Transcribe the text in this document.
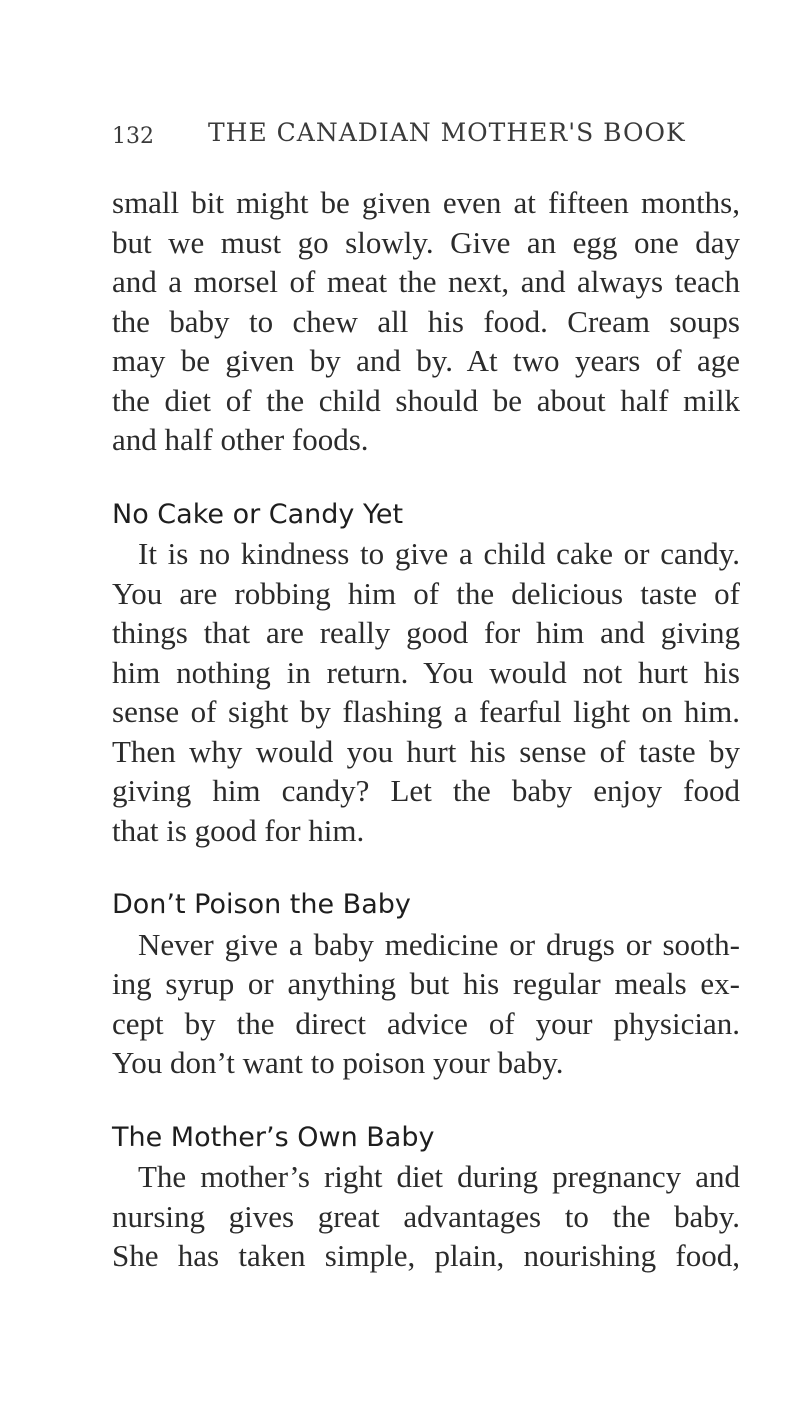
132 THE CANADIAN MOTHER'S BOOK
small bit might be given even at fifteen months,
but we must go slowly. Give an egg one day
and a morsel of meat the next, and always teach
the baby to chew all his food. Cream soups
may be given by and by. At two years of age
the diet of the child should be about half milk
and half other foods.
No Cake or Candy Yet
It is no kindness to give a child cake or candy.
You are robbing him of the delicious taste of
things that are really good for him and giving
him nothing in return. You would not hurt his
sense of sight by flashing a fearful light on him.
Then why would you hurt his sense of taste by
giving him candy? Let the baby enjoy food
that is good for him.
Don’t Poison the Baby
Never give a baby medicine or drugs or sooth-
ing syrup or anything but his regular meals ex-
cept by the direct advice of your physician.
You don’t want to poison your baby.
The Mother’s Own Baby
The mother’s right diet during pregnancy and
nursing gives great advantages to the baby.
She has taken simple, plain, nourishing food,
